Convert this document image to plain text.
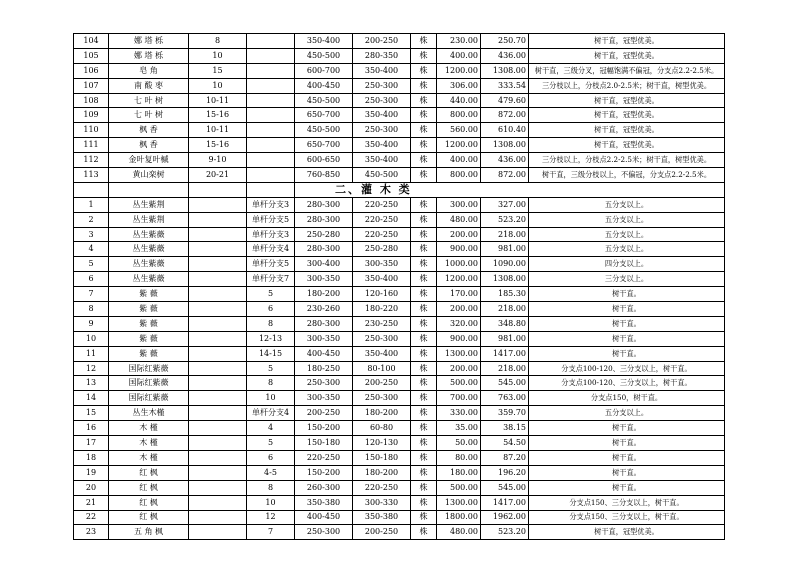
104	娜 塔 栎	8		350-400	200-250	株	230.00	250.70	树干直，冠型优美。
105	娜 塔 栎	10		450-500	280-350	株	400.00	436.00	树干直，冠型优美。
106	皂 角	15		600-700	350-400	株	1200.00	1308.00	树干直，三级分叉，冠幅饱满不偏冠，分支点2.2-2.5米。
107	南 酸 枣	10		400-450	250-300	株	306.00	333.54	三分枝以上，分枝点2.0-2.5米；树干直，树型优美。
108	七 叶 树	10-11		450-500	250-300	株	440.00	479.60	树干直，冠型优美。
109	七 叶 树	15-16		650-700	350-400	株	800.00	872.00	树干直，冠型优美。
110	枫 香	10-11		450-500	250-300	株	560.00	610.40	树干直，冠型优美。
111	枫 香	15-16		650-700	350-400	株	1200.00	1308.00	树干直，冠型优美。
112	金叶复叶槭	9-10		600-650	350-400	株	400.00	436.00	三分枝以上，分枝点2.2-2.5米；树干直，树型优美。
113	黄山栾树	20-21		760-850	450-500	株	800.00	872.00	树干直，三级分枝以上，不偏冠，分支点2.2-2.5米。
				二、灌 木 类					
1	丛生紫荆		单杆分支3	280-300	220-250	株	300.00	327.00	五分支以上。
2	丛生紫荆		单杆分支5	280-300	220-250	株	480.00	523.20	五分支以上。
3	丛生紫薇		单杆分支3	250-280	220-250	株	200.00	218.00	五分支以上。
4	丛生紫薇		单杆分支4	280-300	250-280	株	900.00	981.00	五分支以上。
5	丛生紫薇		单杆分支5	300-400	300-350	株	1000.00	1090.00	四分支以上。
6	丛生紫薇		单杆分支7	300-350	350-400	株	1200.00	1308.00	三分支以上。
7	紫 薇		5	180-200	120-160	株	170.00	185.30	树干直。
8	紫 薇		6	230-260	180-220	株	200.00	218.00	树干直。
9	紫 薇		8	280-300	230-250	株	320.00	348.80	树干直。
10	紫 薇		12-13	300-350	250-300	株	900.00	981.00	树干直。
11	紫 薇		14-15	400-450	350-400	株	1300.00	1417.00	树干直。
12	国际红紫薇		5	180-250	80-100	株	200.00	218.00	分支点100-120、三分支以上，树干直。
13	国际红紫薇		8	250-300	200-250	株	500.00	545.00	分支点100-120、三分支以上，树干直。
14	国际红紫薇		10	300-350	250-300	株	700.00	763.00	分支点150，树干直。
15	丛生木槿		单杆分支4	200-250	180-200	株	330.00	359.70	五分支以上。
16	木 槿		4	150-200	60-80	株	35.00	38.15	树干直。
17	木 槿		5	150-180	120-130	株	50.00	54.50	树干直。
18	木 槿		6	220-250	150-180	株	80.00	87.20	树干直。
19	红 枫		4-5	150-200	180-200	株	180.00	196.20	树干直。
20	红 枫		8	260-300	220-250	株	500.00	545.00	树干直。
21	红 枫		10	350-380	300-330	株	1300.00	1417.00	分支点150、三分支以上，树干直。
22	红 枫		12	400-450	350-380	株	1800.00	1962.00	分支点150、三分支以上，树干直。
23	五 角 枫		7	250-300	200-250	株	480.00	523.20	树干直，冠型优美。
